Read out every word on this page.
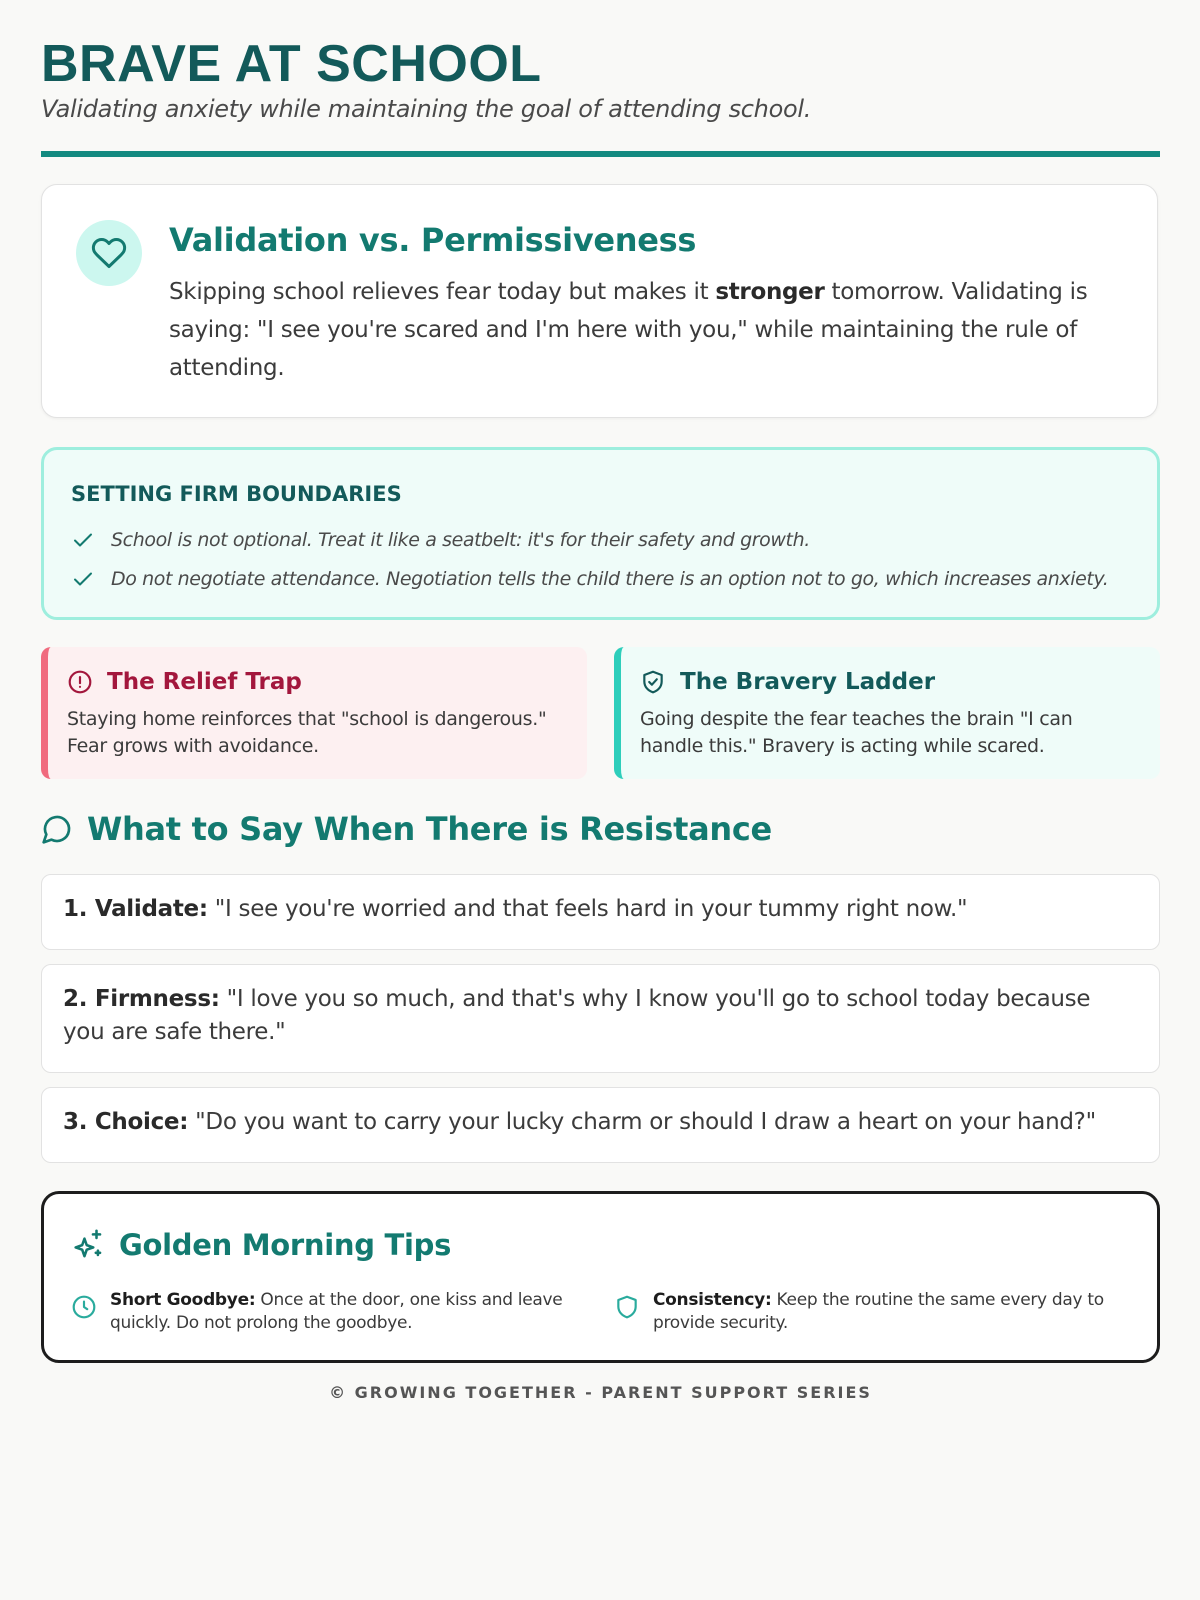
BRAVE AT SCHOOL
Validating anxiety while maintaining the goal of attending school.
Validation vs. Permissiveness

Skipping school relieves fear today but makes it stronger tomorrow. Validating is saying: "I see you're scared and I'm here with you," while maintaining the rule of attending.

SETTING FIRM BOUNDARIES
School is not optional. Treat it like a seatbelt: it's for their safety and growth.
Do not negotiate attendance. Negotiation tells the child there is an option not to go, which increases anxiety.
The Relief Trap
Staying home reinforces that "school is dangerous." Fear grows with avoidance.
The Bravery Ladder
Going despite the fear teaches the brain "I can handle this." Bravery is acting while scared.
What to Say When There is Resistance
1. Validate: "I see you're worried and that feels hard in your tummy right now."
2. Firmness: "I love you so much, and that's why I know you'll go to school today because you are safe there."
3. Choice: "Do you want to carry your lucky charm or should I draw a heart on your hand?"
Golden Morning Tips
Short Goodbye: Once at the door, one kiss and leave quickly. Do not prolong the goodbye.
Consistency: Keep the routine the same every day to provide security.
© GROWING TOGETHER - PARENT SUPPORT SERIES
